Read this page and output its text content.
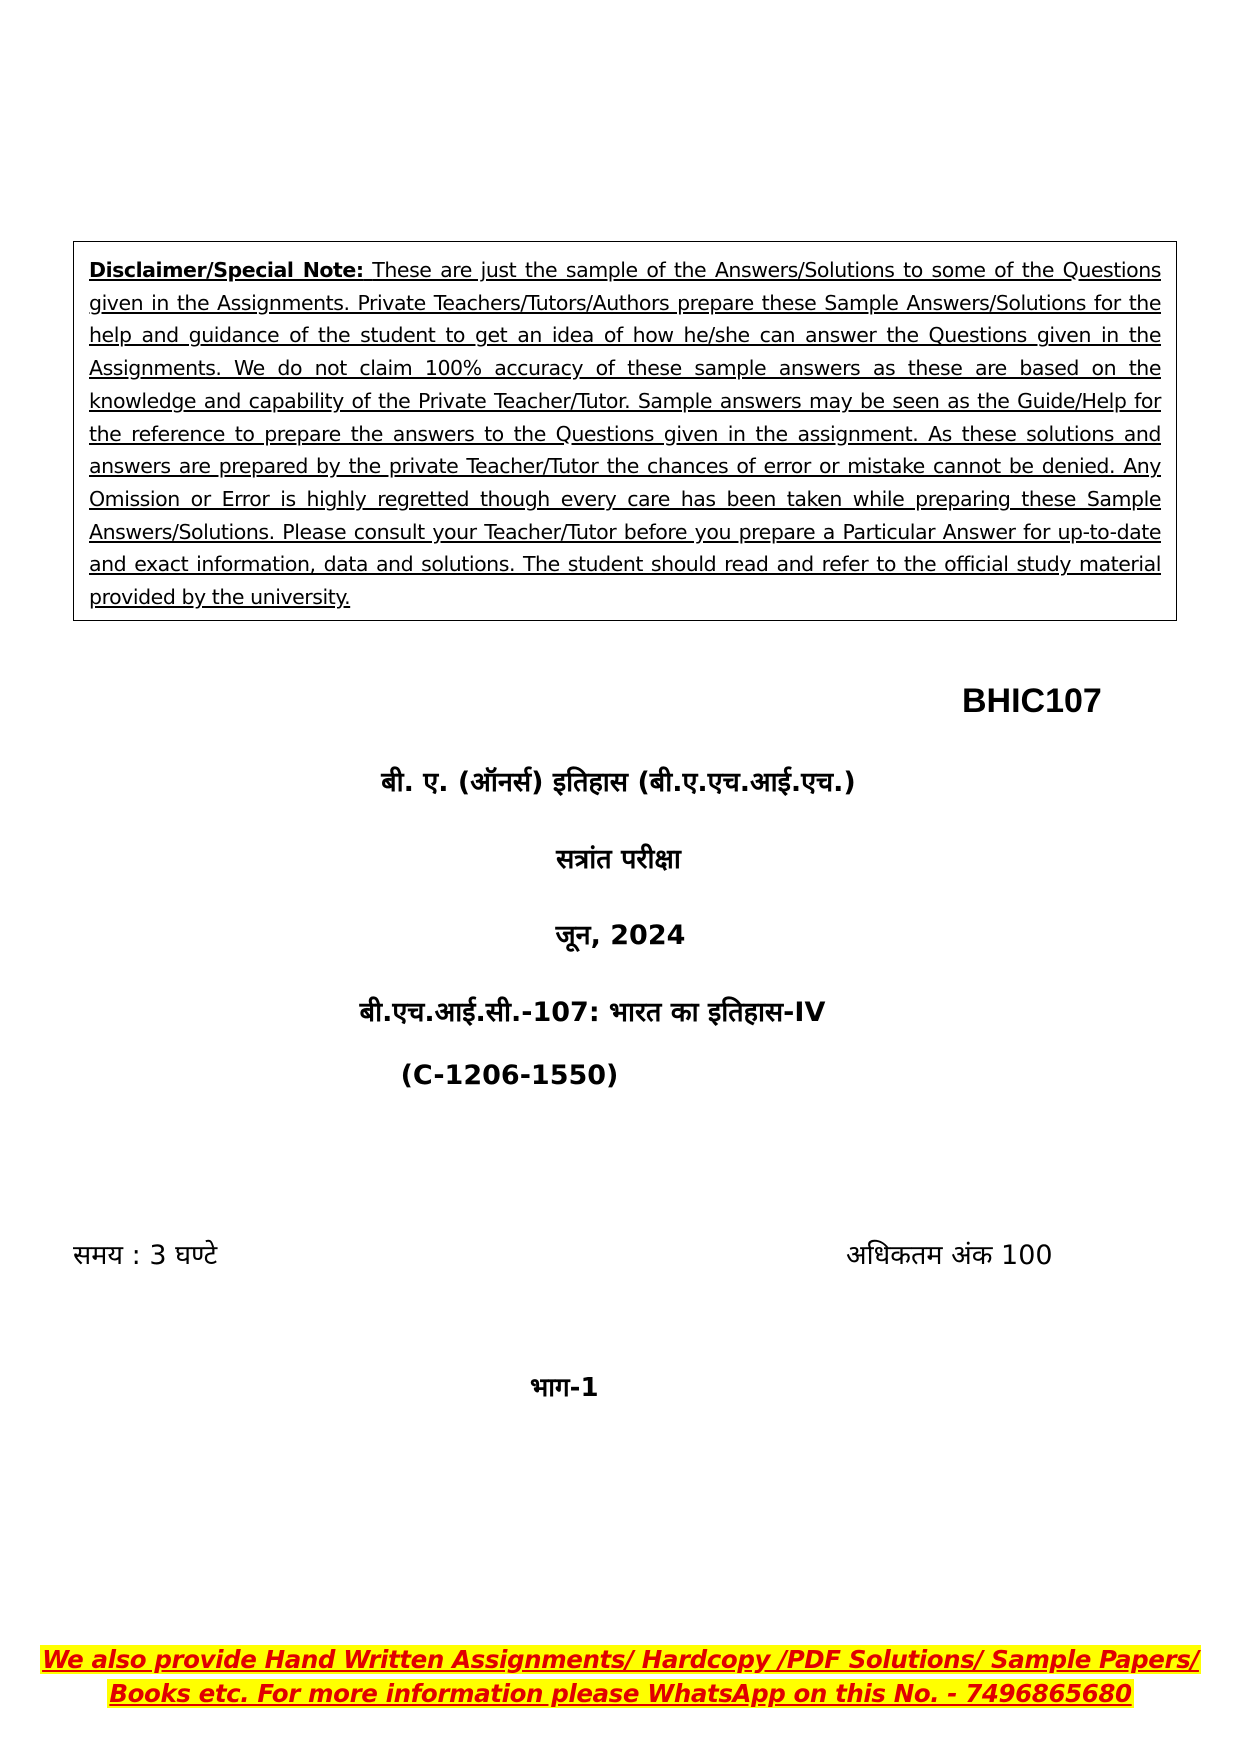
Disclaimer/Special Note: These are just the sample of the Answers/Solutions to some of the Questions given in the Assignments. Private Teachers/Tutors/Authors prepare these Sample Answers/Solutions for the help and guidance of the student to get an idea of how he/she can answer the Questions given in the Assignments. We do not claim 100% accuracy of these sample answers as these are based on the knowledge and capability of the Private Teacher/Tutor. Sample answers may be seen as the Guide/Help for the reference to prepare the answers to the Questions given in the assignment. As these solutions and answers are prepared by the private Teacher/Tutor the chances of error or mistake cannot be denied. Any Omission or Error is highly regretted though every care has been taken while preparing these Sample Answers/Solutions. Please consult your Teacher/Tutor before you prepare a Particular Answer for up-to-date and exact information, data and solutions. The student should read and refer to the official study material provided by the university.

BHIC107
बी. ए. (ऑनर्स) इतिहास (बी.ए.एच.आई.एच.)
सत्रांत परीक्षा
जून, 2024
बी.एच.आई.सी.-107: भारत का इतिहास-IV
(C-1206-1550)
समय : 3 घण्टे	अधिकतम अंक 100
भाग-1
We also provide Hand Written Assignments/ Hardcopy /PDF Solutions/ Sample Papers/
Books etc. For more information please WhatsApp on this No. - 7496865680
